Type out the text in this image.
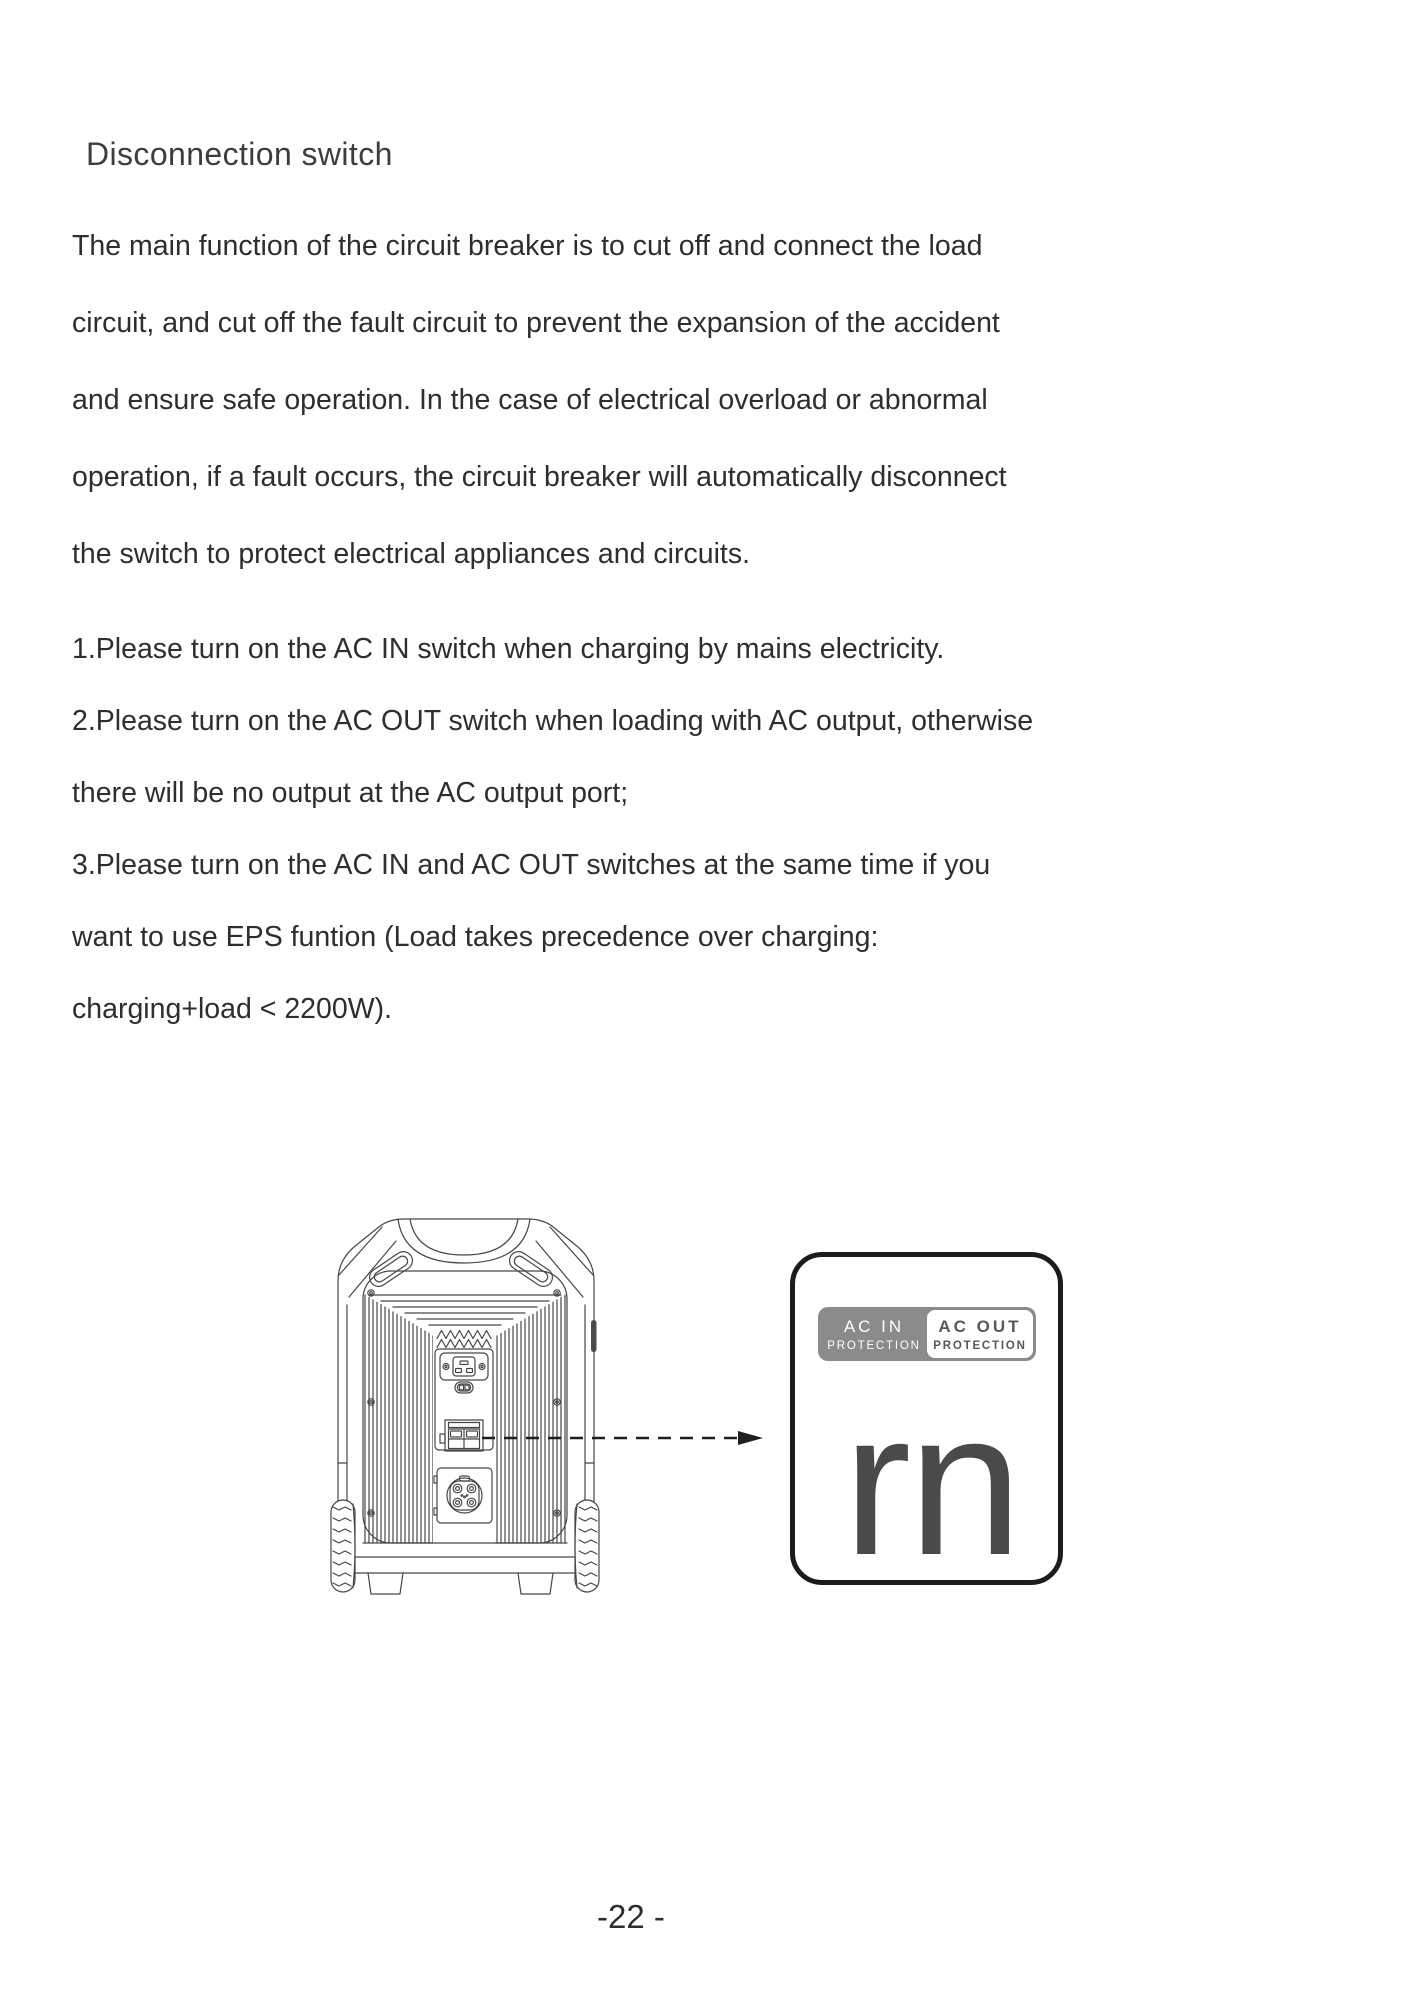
Disconnection switch
The main function of the circuit breaker is to cut off and connect the load
circuit, and cut off the fault circuit to prevent the expansion of the accident
and ensure safe operation. In the case of electrical overload or abnormal
operation, if a fault occurs, the circuit breaker will automatically disconnect
the switch to protect electrical appliances and circuits.
1.Please turn on the AC IN switch when charging by mains electricity.
2.Please turn on the AC OUT switch when loading with AC output, otherwise
there will be no output at the AC output port;
3.Please turn on the AC IN and AC OUT switches at the same time if you
want to use EPS funtion (Load takes precedence over charging:
charging+load < 2200W).
AC IN
PROTECTION
AC OUT
PROTECTION
rn
-22 -
